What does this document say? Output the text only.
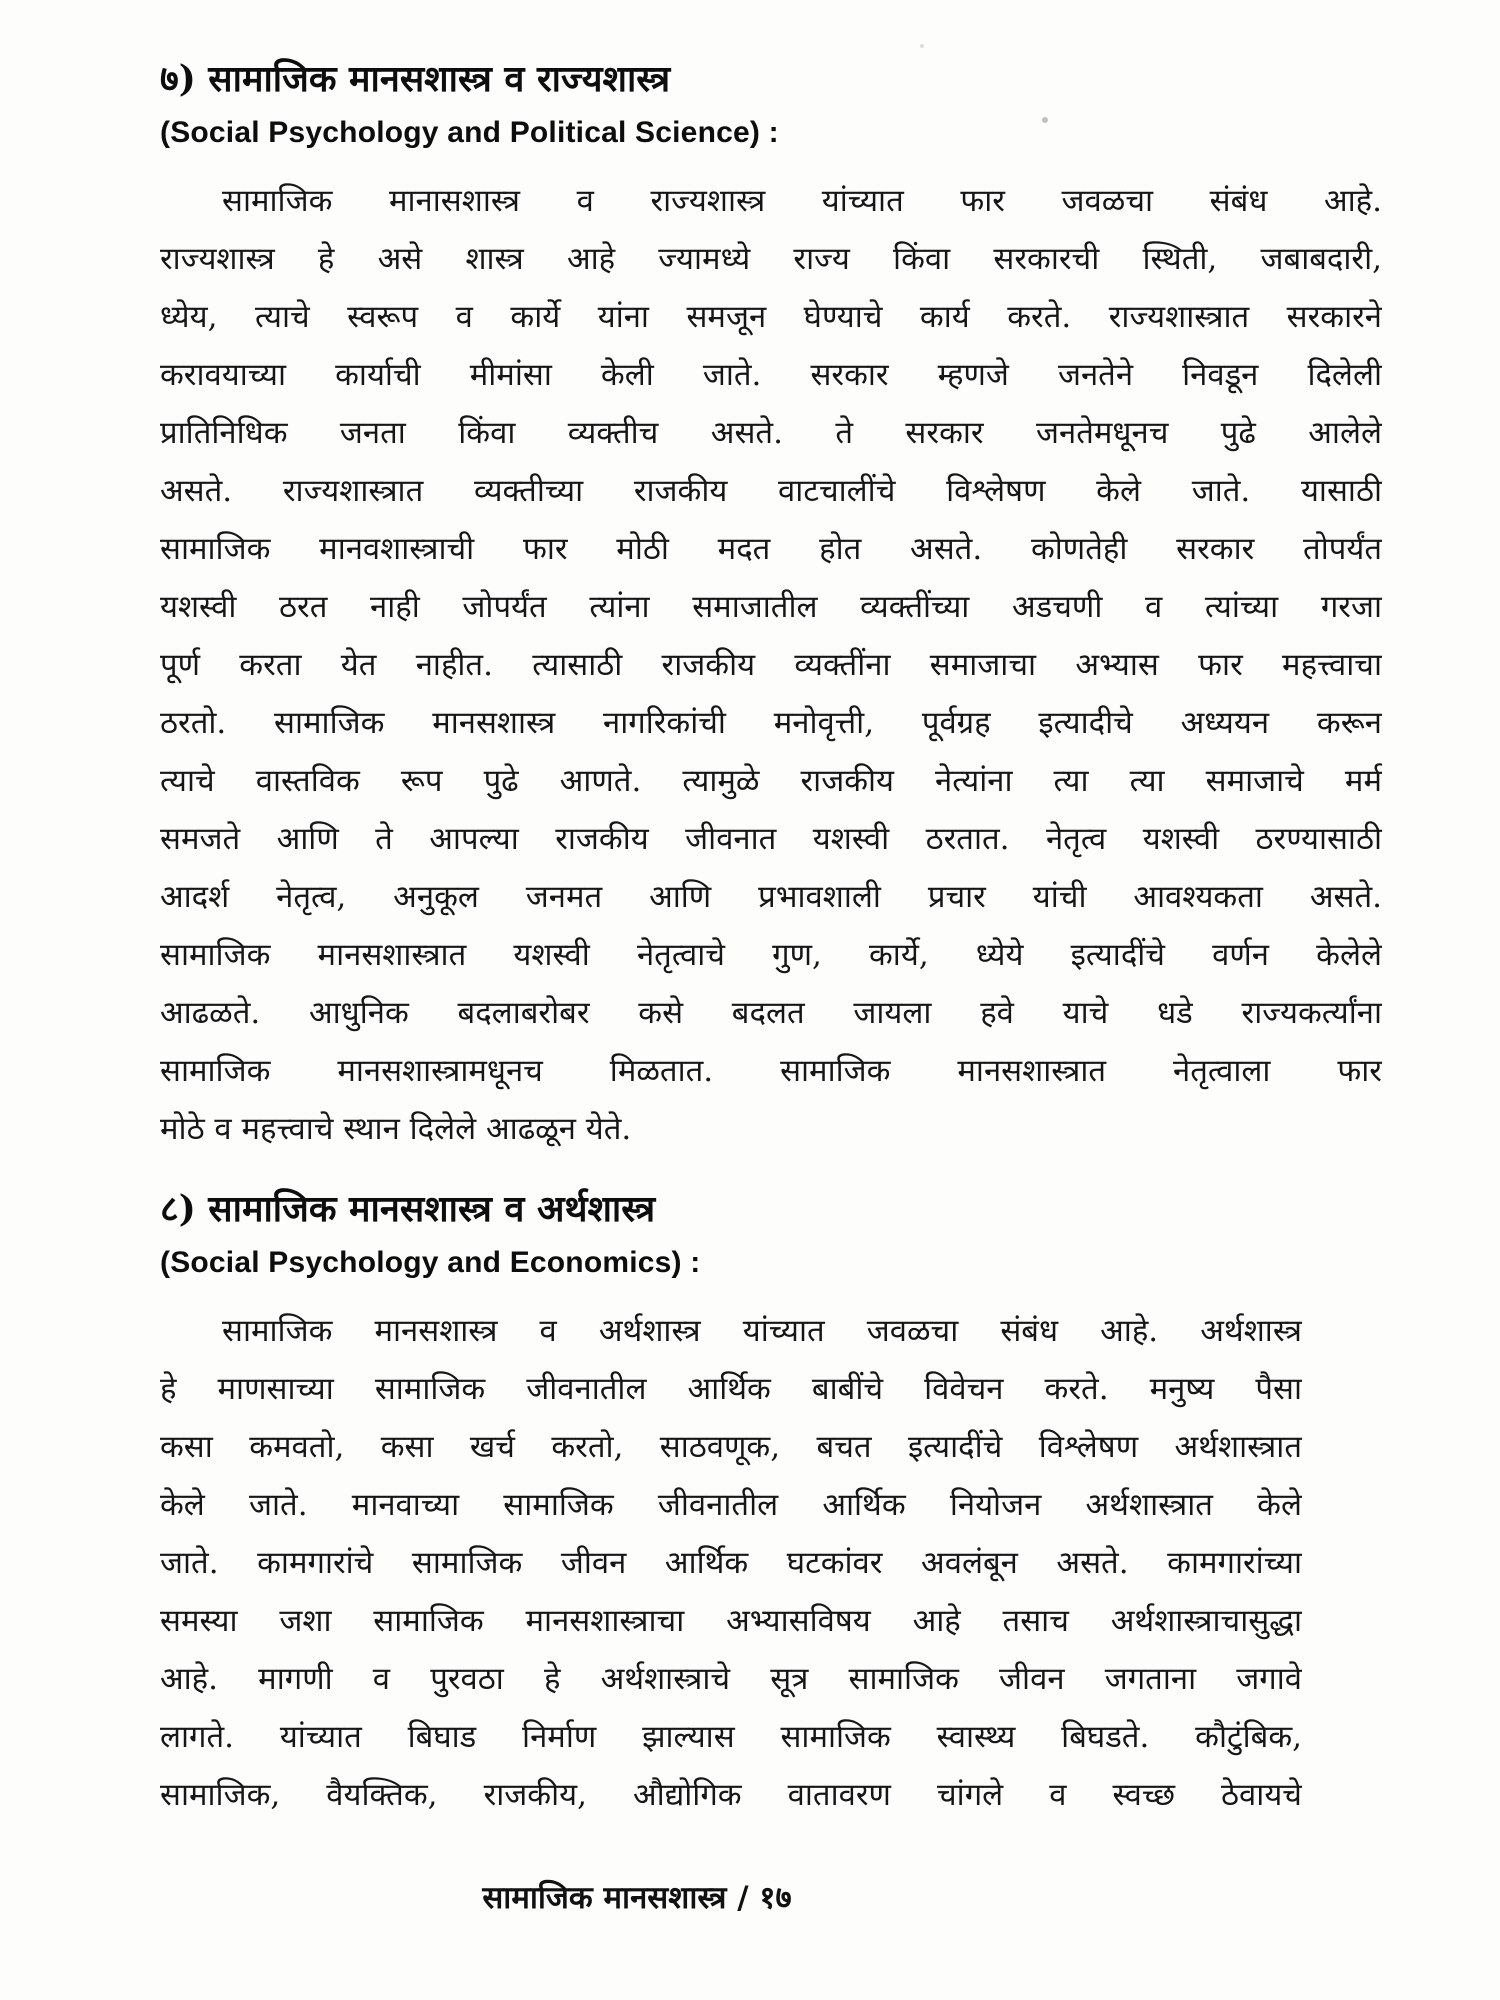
७) सामाजिक मानसशास्त्र व राज्यशास्त्र
(Social Psychology and Political Science) :
सामाजिक मानासशास्त्र व राज्यशास्त्र यांच्यात फार जवळचा संबंध आहे.
राज्यशास्त्र हे असे शास्त्र आहे ज्यामध्ये राज्य किंवा सरकारची स्थिती, जबाबदारी,
ध्येय, त्याचे स्वरूप व कार्ये यांना समजून घेण्याचे कार्य करते. राज्यशास्त्रात सरकारने
करावयाच्या कार्याची मीमांसा केली जाते. सरकार म्हणजे जनतेने निवडून दिलेली
प्रातिनिधिक जनता किंवा व्यक्तीच असते. ते सरकार जनतेमधूनच पुढे आलेले
असते. राज्यशास्त्रात व्यक्तीच्या राजकीय वाटचालींचे विश्लेषण केले जाते. यासाठी
सामाजिक मानवशास्त्राची फार मोठी मदत होत असते. कोणतेही सरकार तोपर्यंत
यशस्वी ठरत नाही जोपर्यंत त्यांना समाजातील व्यक्तींच्या अडचणी व त्यांच्या गरजा
पूर्ण करता येत नाहीत. त्यासाठी राजकीय व्यक्तींना समाजाचा अभ्यास फार महत्त्वाचा
ठरतो. सामाजिक मानसशास्त्र नागरिकांची मनोवृत्ती, पूर्वग्रह इत्यादीचे अध्ययन करून
त्याचे वास्तविक रूप पुढे आणते. त्यामुळे राजकीय नेत्यांना त्या त्या समाजाचे मर्म
समजते आणि ते आपल्या राजकीय जीवनात यशस्वी ठरतात. नेतृत्व यशस्वी ठरण्यासाठी
आदर्श नेतृत्व, अनुकूल जनमत आणि प्रभावशाली प्रचार यांची आवश्यकता असते.
सामाजिक मानसशास्त्रात यशस्वी नेतृत्वाचे गुण, कार्ये, ध्येये इत्यादींचे वर्णन केलेले
आढळते. आधुनिक बदलाबरोबर कसे बदलत जायला हवे याचे धडे राज्यकर्त्यांना
सामाजिक मानसशास्त्रामधूनच मिळतात. सामाजिक मानसशास्त्रात नेतृत्वाला फार
मोठे व महत्त्वाचे स्थान दिलेले आढळून येते.
८) सामाजिक मानसशास्त्र व अर्थशास्त्र
(Social Psychology and Economics) :
सामाजिक मानसशास्त्र व अर्थशास्त्र यांच्यात जवळचा संबंध आहे. अर्थशास्त्र
हे माणसाच्या सामाजिक जीवनातील आर्थिक बाबींचे विवेचन करते. मनुष्य पैसा
कसा कमवतो, कसा खर्च करतो, साठवणूक, बचत इत्यादींचे विश्लेषण अर्थशास्त्रात
केले जाते. मानवाच्या सामाजिक जीवनातील आर्थिक नियोजन अर्थशास्त्रात केले
जाते. कामगारांचे सामाजिक जीवन आर्थिक घटकांवर अवलंबून असते. कामगारांच्या
समस्या जशा सामाजिक मानसशास्त्राचा अभ्यासविषय आहे तसाच अर्थशास्त्राचासुद्धा
आहे. मागणी व पुरवठा हे अर्थशास्त्राचे सूत्र सामाजिक जीवन जगताना जगावे
लागते. यांच्यात बिघाड निर्माण झाल्यास सामाजिक स्वास्थ्य बिघडते. कौटुंबिक,
सामाजिक, वैयक्तिक, राजकीय, औद्योगिक वातावरण चांगले व स्वच्छ ठेवायचे
सामाजिक मानसशास्त्र / १७
